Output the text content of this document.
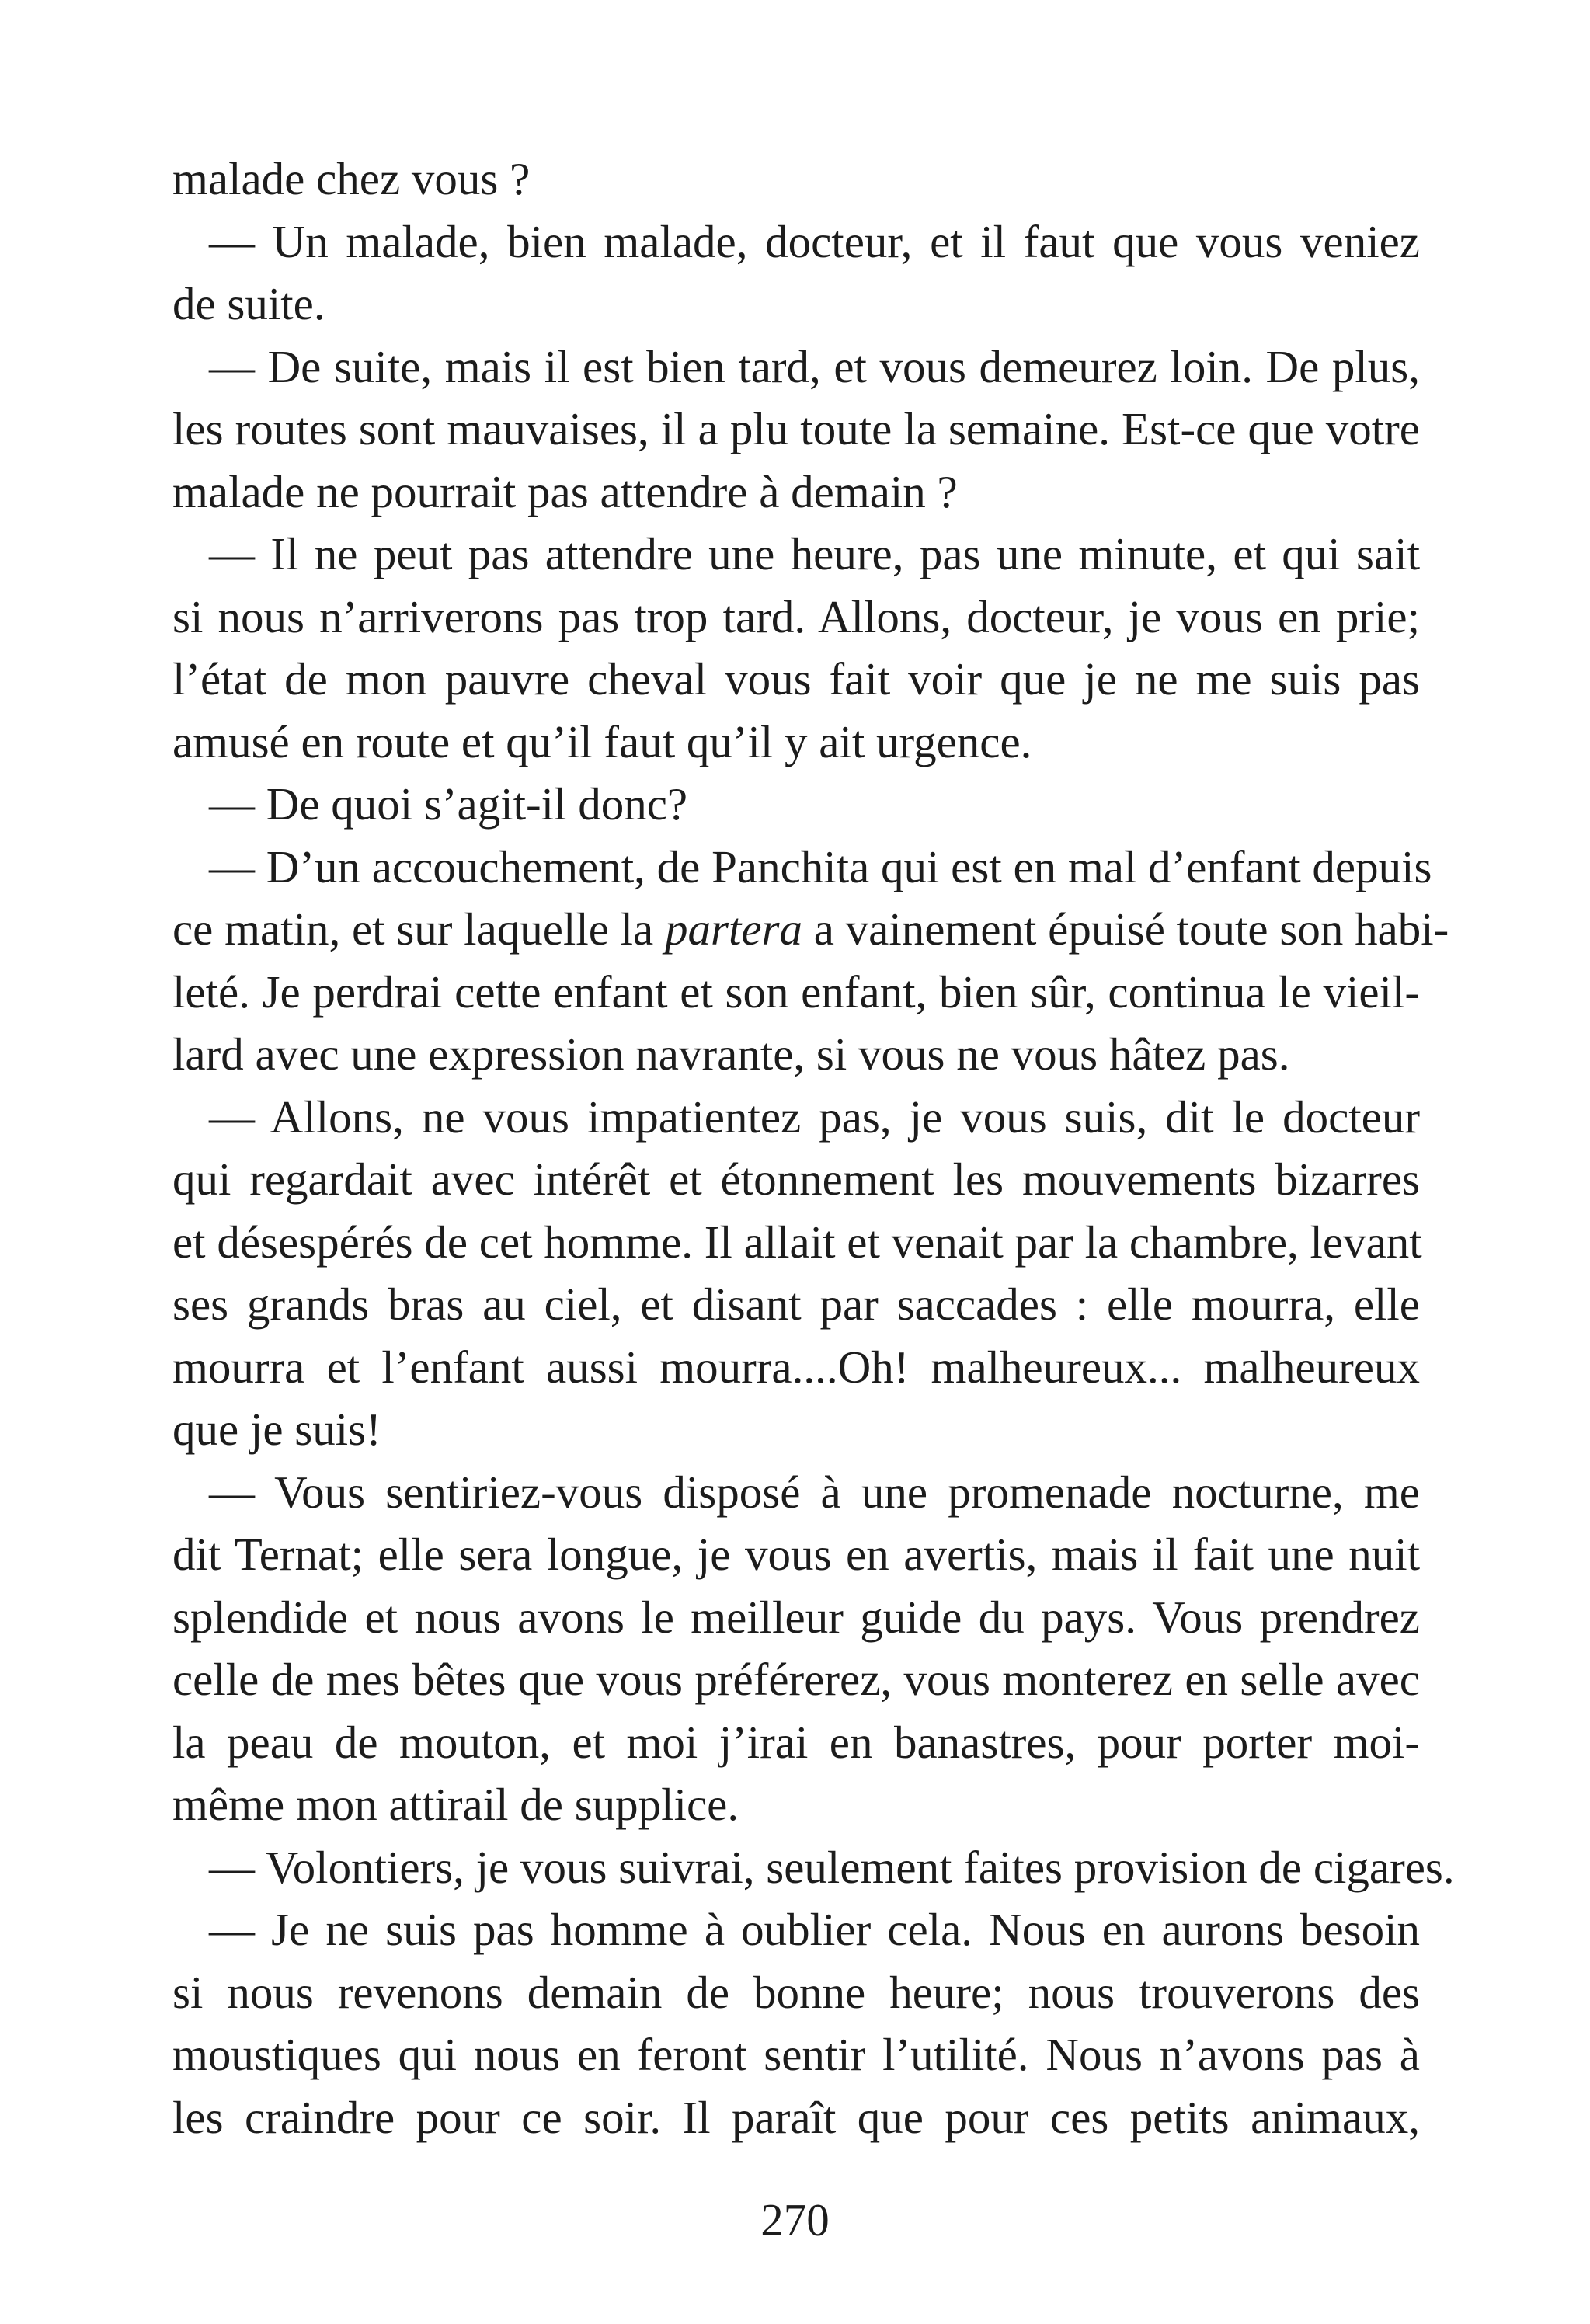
malade chez vous ?
— Un malade, bien malade, docteur, et il faut que vous veniez
de suite.
— De suite, mais il est bien tard, et vous demeurez loin. De plus,
les routes sont mauvaises, il a plu toute la semaine. Est-ce que votre
malade ne pourrait pas attendre à demain ?
— Il ne peut pas attendre une heure, pas une minute, et qui sait
si nous n’arriverons pas trop tard. Allons, docteur, je vous en prie;
l’état de mon pauvre cheval vous fait voir que je ne me suis pas
amusé en route et qu’il faut qu’il y ait urgence.
— De quoi s’agit-il donc?
— D’un accouchement, de Panchita qui est en mal d’enfant depuis
ce matin, et sur laquelle la partera a vainement épuisé toute son habi-
leté. Je perdrai cette enfant et son enfant, bien sûr, continua le vieil-
lard avec une expression navrante, si vous ne vous hâtez pas.
— Allons, ne vous impatientez pas, je vous suis, dit le docteur
qui regardait avec intérêt et étonnement les mouvements bizarres
et désespérés de cet homme. Il allait et venait par la chambre, levant
ses grands bras au ciel, et disant par saccades : elle mourra, elle
mourra et l’enfant aussi mourra....Oh! malheureux... malheureux
que je suis!
— Vous sentiriez-vous disposé à une promenade nocturne, me
dit Ternat; elle sera longue, je vous en avertis, mais il fait une nuit
splendide et nous avons le meilleur guide du pays. Vous prendrez
celle de mes bêtes que vous préférerez, vous monterez en selle avec
la peau de mouton, et moi j’irai en banastres, pour porter moi-
même mon attirail de supplice.
— Volontiers, je vous suivrai, seulement faites provision de cigares.
— Je ne suis pas homme à oublier cela. Nous en aurons besoin
si nous revenons demain de bonne heure; nous trouverons des
moustiques qui nous en feront sentir l’utilité. Nous n’avons pas à
les craindre pour ce soir. Il paraît que pour ces petits animaux,
270
